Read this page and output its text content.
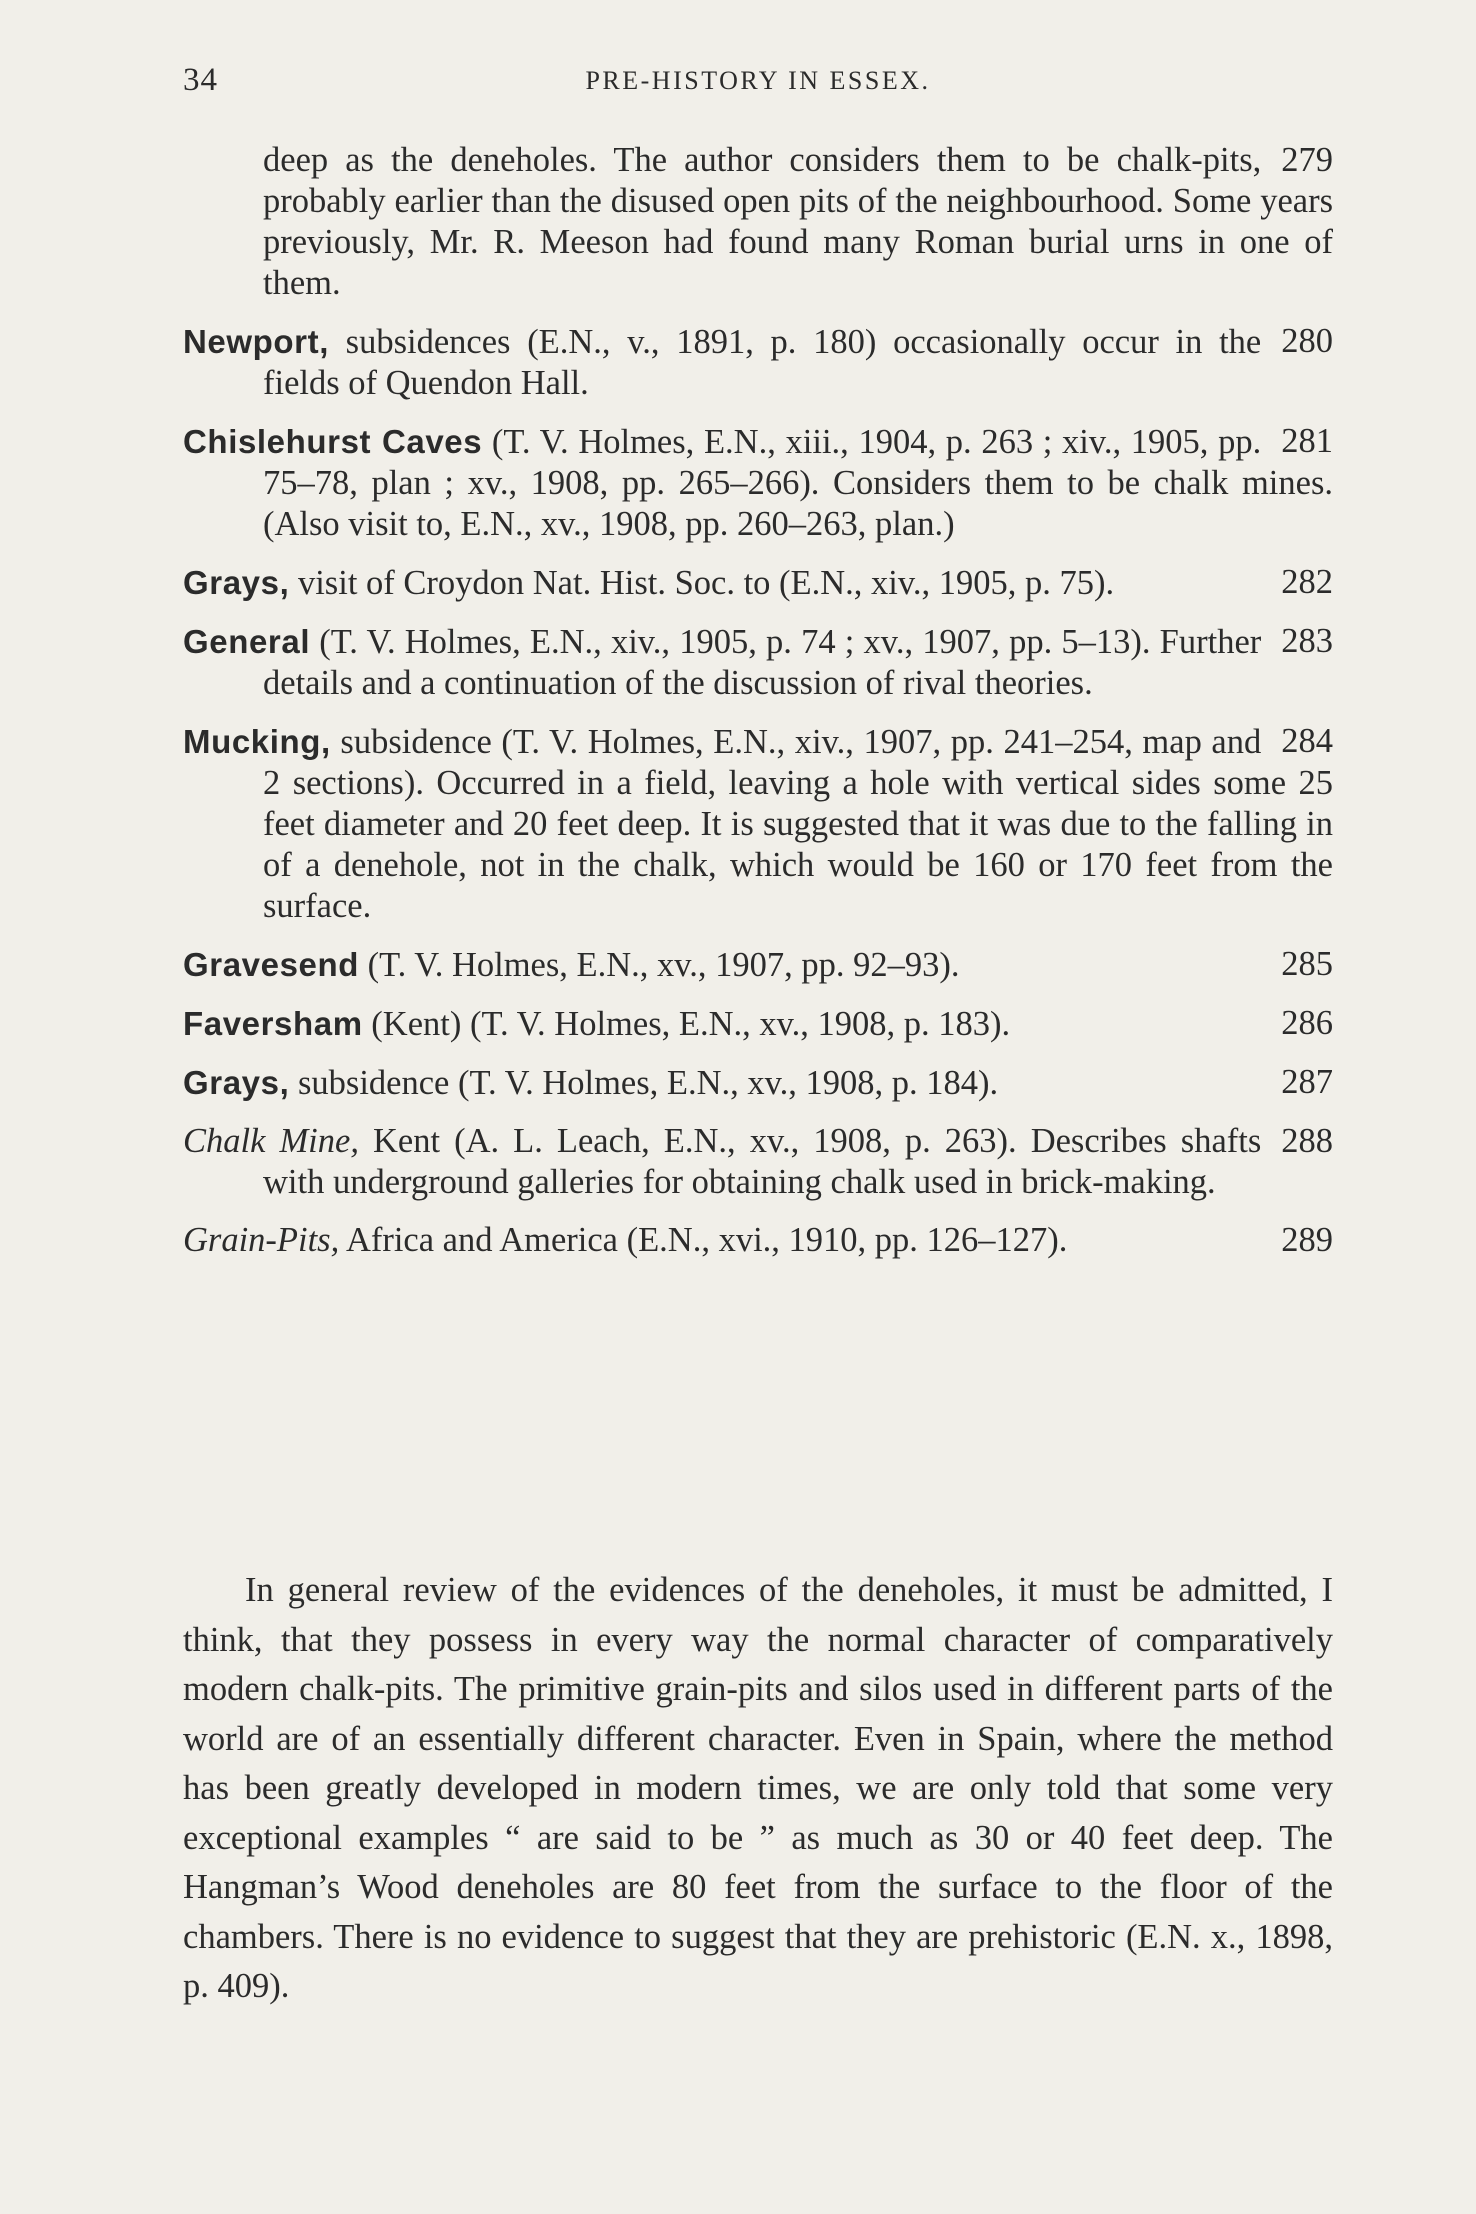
34	PRE-HISTORY IN ESSEX.
279
deep as the deneholes. The author considers them to be chalk-pits, probably earlier than the disused open pits of the neighbourhood. Some years previously, Mr. R. Meeson had found many Roman burial urns in one of them.
280
Newport, subsidences (E.N., v., 1891, p. 180) occasionally occur in the fields of Quendon Hall.
281
Chislehurst Caves (T. V. Holmes, E.N., xiii., 1904, p. 263 ; xiv., 1905, pp. 75–78, plan ; xv., 1908, pp. 265–266). Considers them to be chalk mines. (Also visit to, E.N., xv., 1908, pp. 260–263, plan.)
282
Grays, visit of Croydon Nat. Hist. Soc. to (E.N., xiv., 1905, p. 75).
283
General (T. V. Holmes, E.N., xiv., 1905, p. 74 ; xv., 1907, pp. 5–13). Further details and a continuation of the discussion of rival theories.
284
Mucking, subsidence (T. V. Holmes, E.N., xiv., 1907, pp. 241–254, map and 2 sections). Occurred in a field, leaving a hole with vertical sides some 25 feet diameter and 20 feet deep. It is suggested that it was due to the falling in of a denehole, not in the chalk, which would be 160 or 170 feet from the surface.
285
Gravesend (T. V. Holmes, E.N., xv., 1907, pp. 92–93).
286
Faversham (Kent) (T. V. Holmes, E.N., xv., 1908, p. 183).
287
Grays, subsidence (T. V. Holmes, E.N., xv., 1908, p. 184).
288
Chalk Mine, Kent (A. L. Leach, E.N., xv., 1908, p. 263). Describes shafts with underground galleries for obtaining chalk used in brick-making.
289
Grain-Pits, Africa and America (E.N., xvi., 1910, pp. 126–127).
In general review of the evidences of the deneholes, it must be admitted, I think, that they possess in every way the normal character of comparatively modern chalk-pits. The primitive grain-pits and silos used in different parts of the world are of an essentially different character. Even in Spain, where the method has been greatly developed in modern times, we are only told that some very exceptional examples “ are said to be ” as much as 30 or 40 feet deep. The Hangman’s Wood deneholes are 80 feet from the surface to the floor of the chambers. There is no evidence to suggest that they are prehistoric (E.N. x., 1898, p. 409).
